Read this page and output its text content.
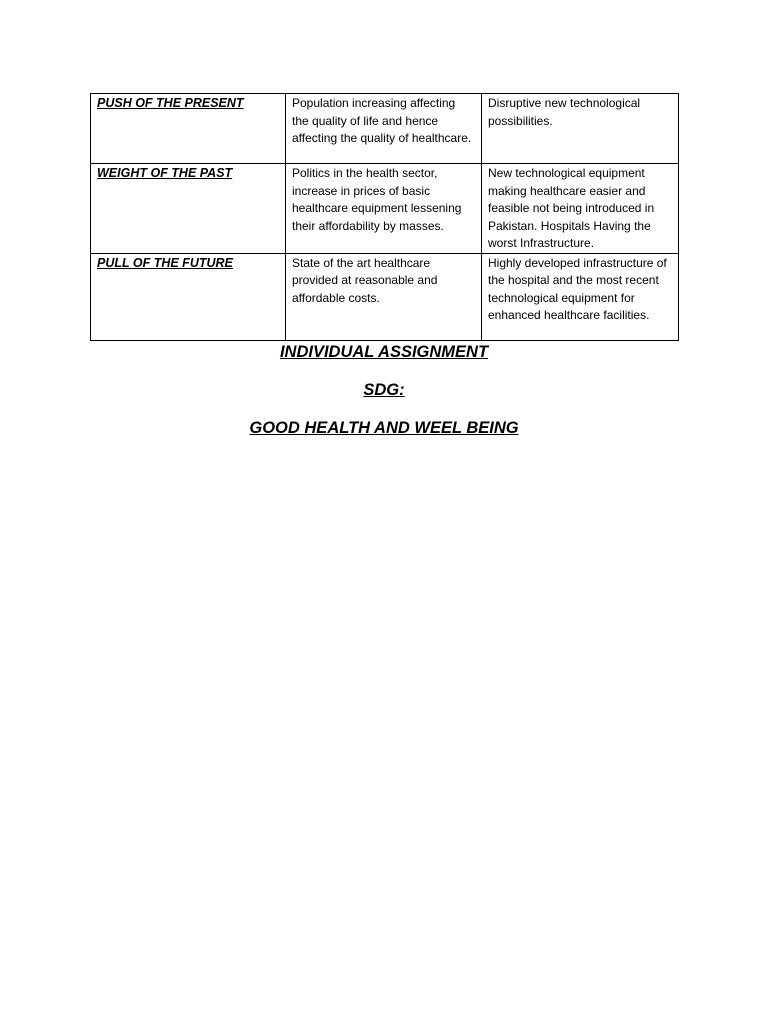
PUSH OF THE PRESENT	Population increasing affecting the quality of life and hence affecting the quality of healthcare.	Disruptive new technological possibilities.
WEIGHT OF THE PAST	Politics in the health sector, increase in prices of basic healthcare equipment lessening their affordability by masses.	New technological equipment making healthcare easier and feasible not being introduced in Pakistan. Hospitals Having the worst Infrastructure.
PULL OF THE FUTURE	State of the art healthcare provided at reasonable and affordable costs.	Highly developed infrastructure of the hospital and the most recent technological equipment for enhanced healthcare facilities.
INDIVIDUAL ASSIGNMENT
SDG:
GOOD HEALTH AND WEEL BEING
